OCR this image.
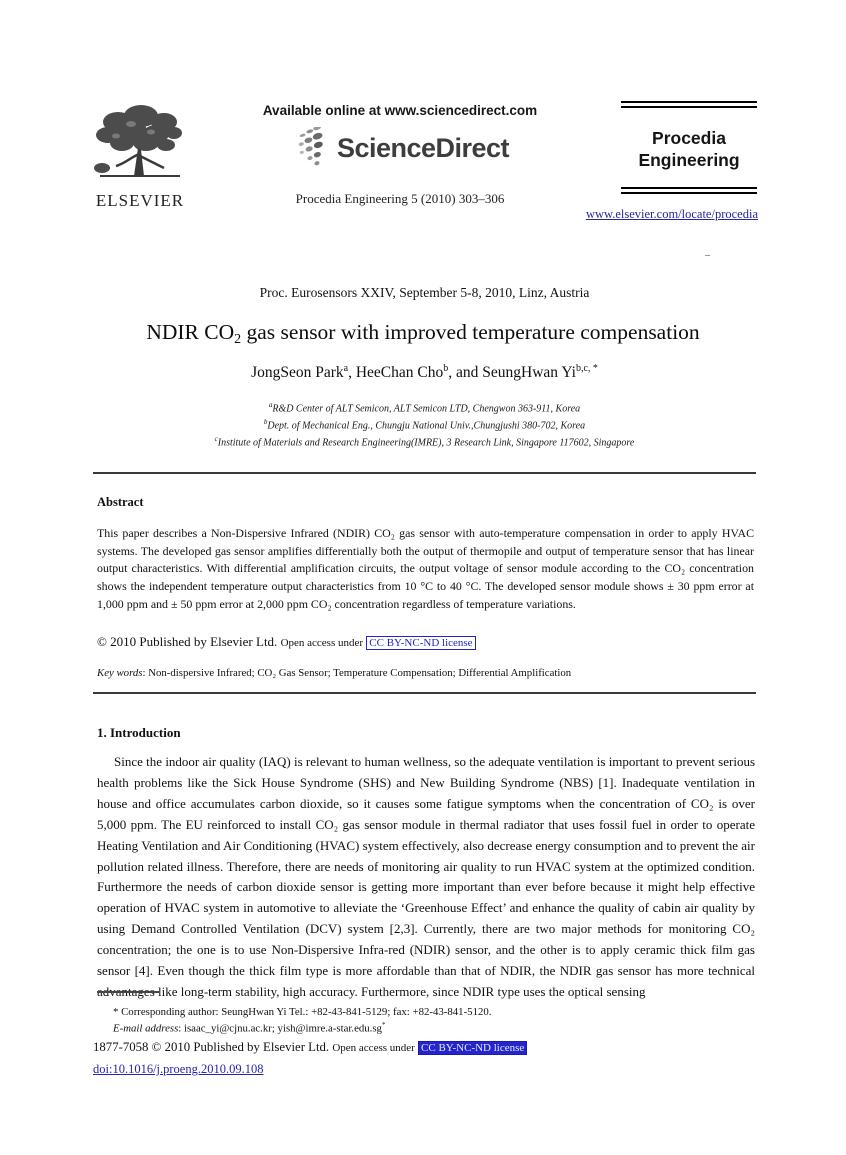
ELSEVIER
Available online at www.sciencedirect.com
ScienceDirect
Procedia Engineering 5 (2010) 303–306
Procedia
Engineering
www.elsevier.com/locate/procedia
Proc. Eurosensors XXIV, September 5-8, 2010, Linz, Austria
NDIR CO2 gas sensor with improved temperature compensation
JongSeon Park$^a$, HeeChan Cho$^b$, and SeungHwan $Yi^{b,c, *}$
$^a$R&D Center of ALT Semicon, ALT Semicon LTD, Chengwon 363-911, Korea
$^b$Dept. of Mechanical Eng., Chungju National Univ.,Chungjushi 380-702, Korea
$^c$Institute of Materials and Research Engineering(IMRE), 3 Research Link, Singapore 117602, Singapore
Abstract
This paper describes a Non-Dispersive Infrared (NDIR) CO₂ gas sensor with auto-temperature compensation in order to apply HVAC systems. The developed gas sensor amplifies differentially both the output of thermopile and output of temperature sensor that has linear output characteristics. With differential amplification circuits, the output voltage of sensor module according to the CO₂ concentration shows the independent temperature output characteristics from 10 °C to 40 °C. The developed sensor module shows ± 30 ppm error at 1,000 ppm and ± 50 ppm error at 2,000 ppm CO₂ concentration regardless of temperature variations.
© 2010 Published by Elsevier Ltd. Open access under CC BY-NC-ND license
Key words: Non-dispersive Infrared; CO₂ Gas Sensor; Temperature Compensation; Differential Amplification
1. Introduction
Since the indoor air quality (IAQ) is relevant to human wellness, so the adequate ventilation is important to prevent serious health problems like the Sick House Syndrome (SHS) and New Building Syndrome (NBS) [1]. Inadequate ventilation in house and office accumulates carbon dioxide, so it causes some fatigue symptoms when the concentration of CO₂ is over 5,000 ppm. The EU reinforced to install CO₂ gas sensor module in thermal radiator that uses fossil fuel in order to operate Heating Ventilation and Air Conditioning (HVAC) system effectively, also decrease energy consumption and to prevent the air pollution related illness. Therefore, there are needs of monitoring air quality to run HVAC system at the optimized condition. Furthermore the needs of carbon dioxide sensor is getting more important than ever before because it might help effective operation of HVAC system in automotive to alleviate the ‘Greenhouse Effect’ and enhance the quality of cabin air quality by using Demand Controlled Ventilation (DCV) system [2,3]. Currently, there are two major methods for monitoring CO₂ concentration; the one is to use Non-Dispersive Infra-red (NDIR) sensor, and the other is to apply ceramic thick film gas sensor [4]. Even though the thick film type is more affordable than that of NDIR, the NDIR gas sensor has more technical advantages like long-term stability, high accuracy. Furthermore, since NDIR type uses the optical sensing
* Corresponding author: SeungHwan Yi Tel.: +82-43-841-5129; fax: +82-43-841-5120.
E-mail address: isaac_yi@cjnu.ac.kr; yish@imre.a-star.edu.sg*
1877-7058 © 2010 Published by Elsevier Ltd. Open access under CC BY-NC-ND license
doi:10.1016/j.proeng.2010.09.108
